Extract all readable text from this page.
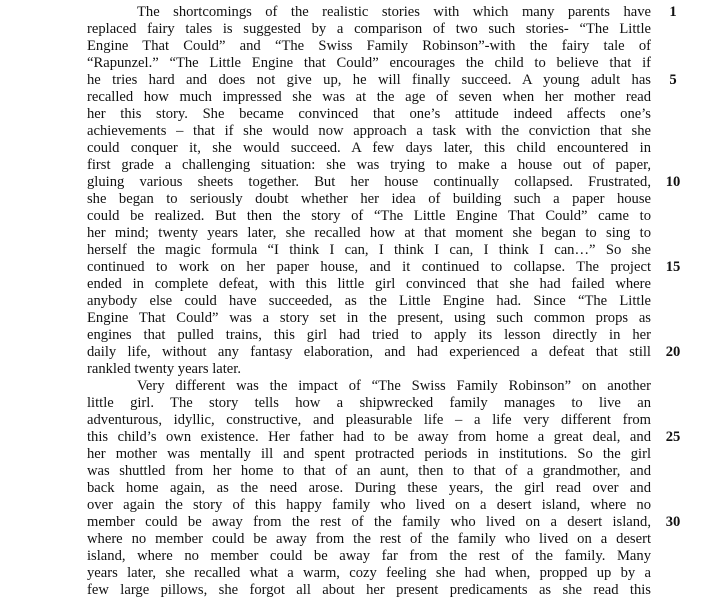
The shortcomings of the realistic stories with which many parents have
replaced fairy tales is suggested by a comparison of two such stories- “The Little
Engine That Could” and “The Swiss Family Robinson”-with the fairy tale of
“Rapunzel.” “The Little Engine that Could” encourages the child to believe that if
he tries hard and does not give up, he will finally succeed. A young adult has
recalled how much impressed she was at the age of seven when her mother read
her this story. She became convinced that one’s attitude indeed affects one’s
achievements – that if she would now approach a task with the conviction that she
could conquer it, she would succeed. A few days later, this child encountered in
first grade a challenging situation: she was trying to make a house out of paper,
gluing various sheets together. But her house continually collapsed. Frustrated,
she began to seriously doubt whether her idea of building such a paper house
could be realized. But then the story of “The Little Engine That Could” came to
her mind; twenty years later, she recalled how at that moment she began to sing to
herself the magic formula “I think I can, I think I can, I think I can…” So she
continued to work on her paper house, and it continued to collapse. The project
ended in complete defeat, with this little girl convinced that she had failed where
anybody else could have succeeded, as the Little Engine had. Since “The Little
Engine That Could” was a story set in the present, using such common props as
engines that pulled trains, this girl had tried to apply its lesson directly in her
daily life, without any fantasy elaboration, and had experienced a defeat that still
rankled twenty years later.
Very different was the impact of “The Swiss Family Robinson” on another
little girl. The story tells how a shipwrecked family manages to live an
adventurous, idyllic, constructive, and pleasurable life – a life very different from
this child’s own existence. Her father had to be away from home a great deal, and
her mother was mentally ill and spent protracted periods in institutions. So the girl
was shuttled from her home to that of an aunt, then to that of a grandmother, and
back home again, as the need arose. During these years, the girl read over and
over again the story of this happy family who lived on a desert island, where no
member could be away from the rest of the family who lived on a desert island,
where no member could be away from the rest of the family who lived on a desert
island, where no member could be away far from the rest of the family. Many
years later, she recalled what a warm, cozy feeling she had when, propped up by a
few large pillows, she forgot all about her present predicaments as she read this
1
5
10
15
20
25
30
